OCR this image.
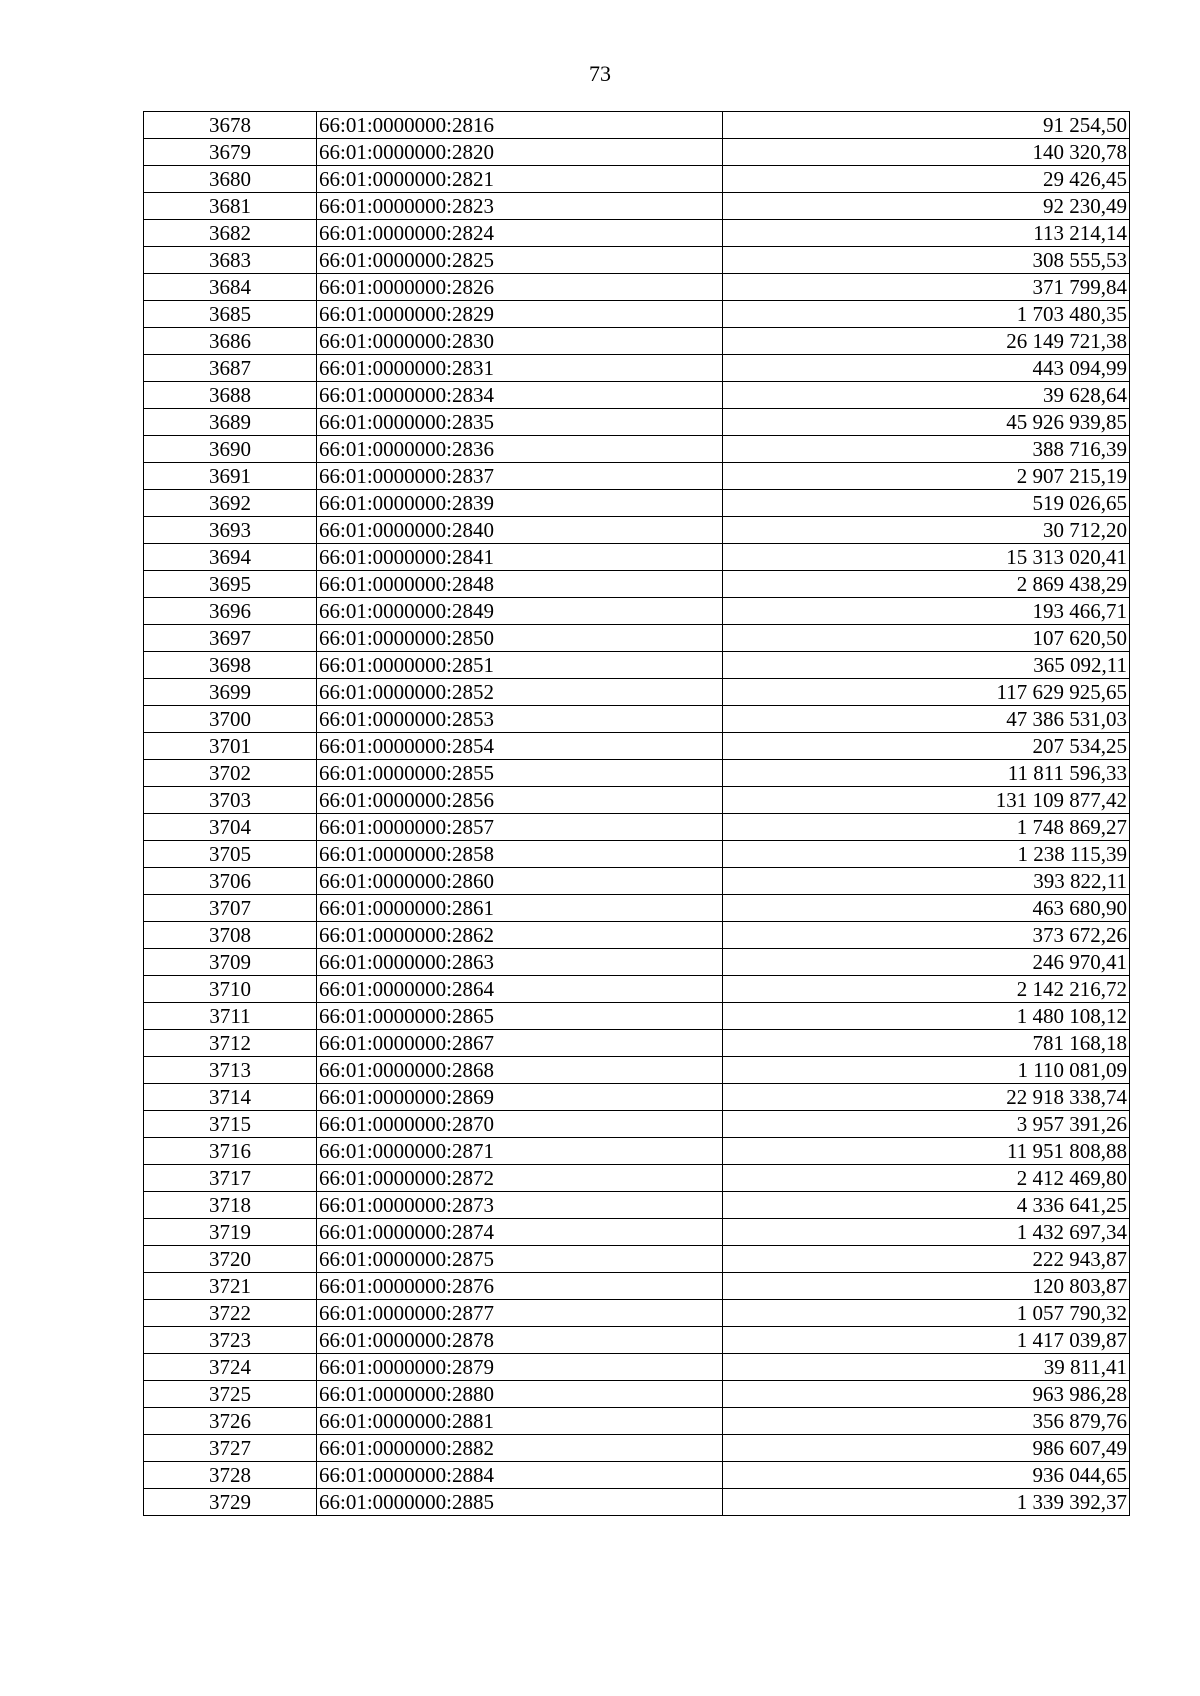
73
3678	66:01:0000000:2816	91 254,50
3679	66:01:0000000:2820	140 320,78
3680	66:01:0000000:2821	29 426,45
3681	66:01:0000000:2823	92 230,49
3682	66:01:0000000:2824	113 214,14
3683	66:01:0000000:2825	308 555,53
3684	66:01:0000000:2826	371 799,84
3685	66:01:0000000:2829	1 703 480,35
3686	66:01:0000000:2830	26 149 721,38
3687	66:01:0000000:2831	443 094,99
3688	66:01:0000000:2834	39 628,64
3689	66:01:0000000:2835	45 926 939,85
3690	66:01:0000000:2836	388 716,39
3691	66:01:0000000:2837	2 907 215,19
3692	66:01:0000000:2839	519 026,65
3693	66:01:0000000:2840	30 712,20
3694	66:01:0000000:2841	15 313 020,41
3695	66:01:0000000:2848	2 869 438,29
3696	66:01:0000000:2849	193 466,71
3697	66:01:0000000:2850	107 620,50
3698	66:01:0000000:2851	365 092,11
3699	66:01:0000000:2852	117 629 925,65
3700	66:01:0000000:2853	47 386 531,03
3701	66:01:0000000:2854	207 534,25
3702	66:01:0000000:2855	11 811 596,33
3703	66:01:0000000:2856	131 109 877,42
3704	66:01:0000000:2857	1 748 869,27
3705	66:01:0000000:2858	1 238 115,39
3706	66:01:0000000:2860	393 822,11
3707	66:01:0000000:2861	463 680,90
3708	66:01:0000000:2862	373 672,26
3709	66:01:0000000:2863	246 970,41
3710	66:01:0000000:2864	2 142 216,72
3711	66:01:0000000:2865	1 480 108,12
3712	66:01:0000000:2867	781 168,18
3713	66:01:0000000:2868	1 110 081,09
3714	66:01:0000000:2869	22 918 338,74
3715	66:01:0000000:2870	3 957 391,26
3716	66:01:0000000:2871	11 951 808,88
3717	66:01:0000000:2872	2 412 469,80
3718	66:01:0000000:2873	4 336 641,25
3719	66:01:0000000:2874	1 432 697,34
3720	66:01:0000000:2875	222 943,87
3721	66:01:0000000:2876	120 803,87
3722	66:01:0000000:2877	1 057 790,32
3723	66:01:0000000:2878	1 417 039,87
3724	66:01:0000000:2879	39 811,41
3725	66:01:0000000:2880	963 986,28
3726	66:01:0000000:2881	356 879,76
3727	66:01:0000000:2882	986 607,49
3728	66:01:0000000:2884	936 044,65
3729	66:01:0000000:2885	1 339 392,37
